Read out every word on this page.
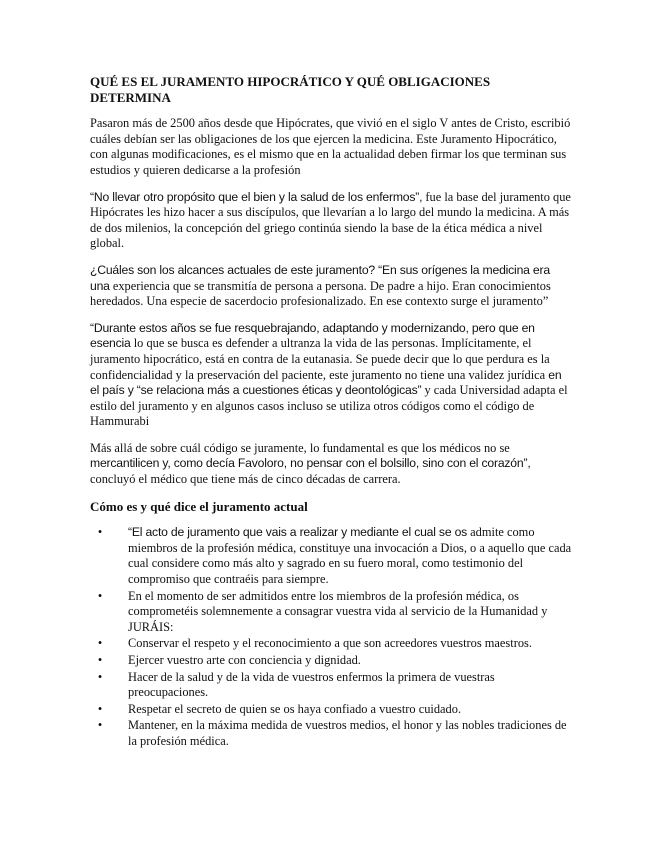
QUÉ ES EL JURAMENTO HIPOCRÁTICO Y QUÉ OBLIGACIONES DETERMINA

Pasaron más de 2500 años desde que Hipócrates, que vivió en el siglo V antes de Cristo, escribió cuáles debían ser las obligaciones de los que ejercen la medicina. Este Juramento Hipocrático, con algunas modificaciones, es el mismo que en la actualidad deben firmar los que terminan sus estudios y quieren dedicarse a la profesión

“No llevar otro propósito que el bien y la salud de los enfermos”, fue la base del juramento que Hipócrates les hizo hacer a sus discípulos, que llevarían a lo largo del mundo la medicina. A más de dos milenios, la concepción del griego continúa siendo la base de la ética médica a nivel global.

¿Cuáles son los alcances actuales de este juramento? “En sus orígenes la medicina era una experiencia que se transmitía de persona a persona. De padre a hijo. Eran conocimientos heredados. Una especie de sacerdocio profesionalizado. En ese contexto surge el juramento”

“Durante estos años se fue resquebrajando, adaptando y modernizando, pero que en esencia lo que se busca es defender a ultranza la vida de las personas. Implícitamente, el juramento hipocrático, está en contra de la eutanasia. Se puede decir que lo que perdura es la confidencialidad y la preservación del paciente, este juramento no tiene una validez jurídica en el país y “se relaciona más a cuestiones éticas y deontológicas” y cada Universidad adapta el estilo del juramento y en algunos casos incluso se utiliza otros códigos como el código de Hammurabi

Más allá de sobre cuál código se juramente, lo fundamental es que los médicos no se mercantilicen y, como decía Favoloro, no pensar con el bolsillo, sino con el corazón”, concluyó el médico que tiene más de cinco décadas de carrera.

Cómo es y qué dice el juramento actual
•	“El acto de juramento que vais a realizar y mediante el cual se os admite como miembros de la profesión médica, constituye una invocación a Dios, o a aquello que cada cual considere como más alto y sagrado en su fuero moral, como testimonio del compromiso que contraéis para siempre.
•	En el momento de ser admitidos entre los miembros de la profesión médica, os comprometéis solemnemente a consagrar vuestra vida al servicio de la Humanidad y JURÁIS:
•	Conservar el respeto y el reconocimiento a que son acreedores vuestros maestros.
•	Ejercer vuestro arte con conciencia y dignidad.
•	Hacer de la salud y de la vida de vuestros enfermos la primera de vuestras preocupaciones.
•	Respetar el secreto de quien se os haya confiado a vuestro cuidado.
•	Mantener, en la máxima medida de vuestros medios, el honor y las nobles tradiciones de la profesión médica.
